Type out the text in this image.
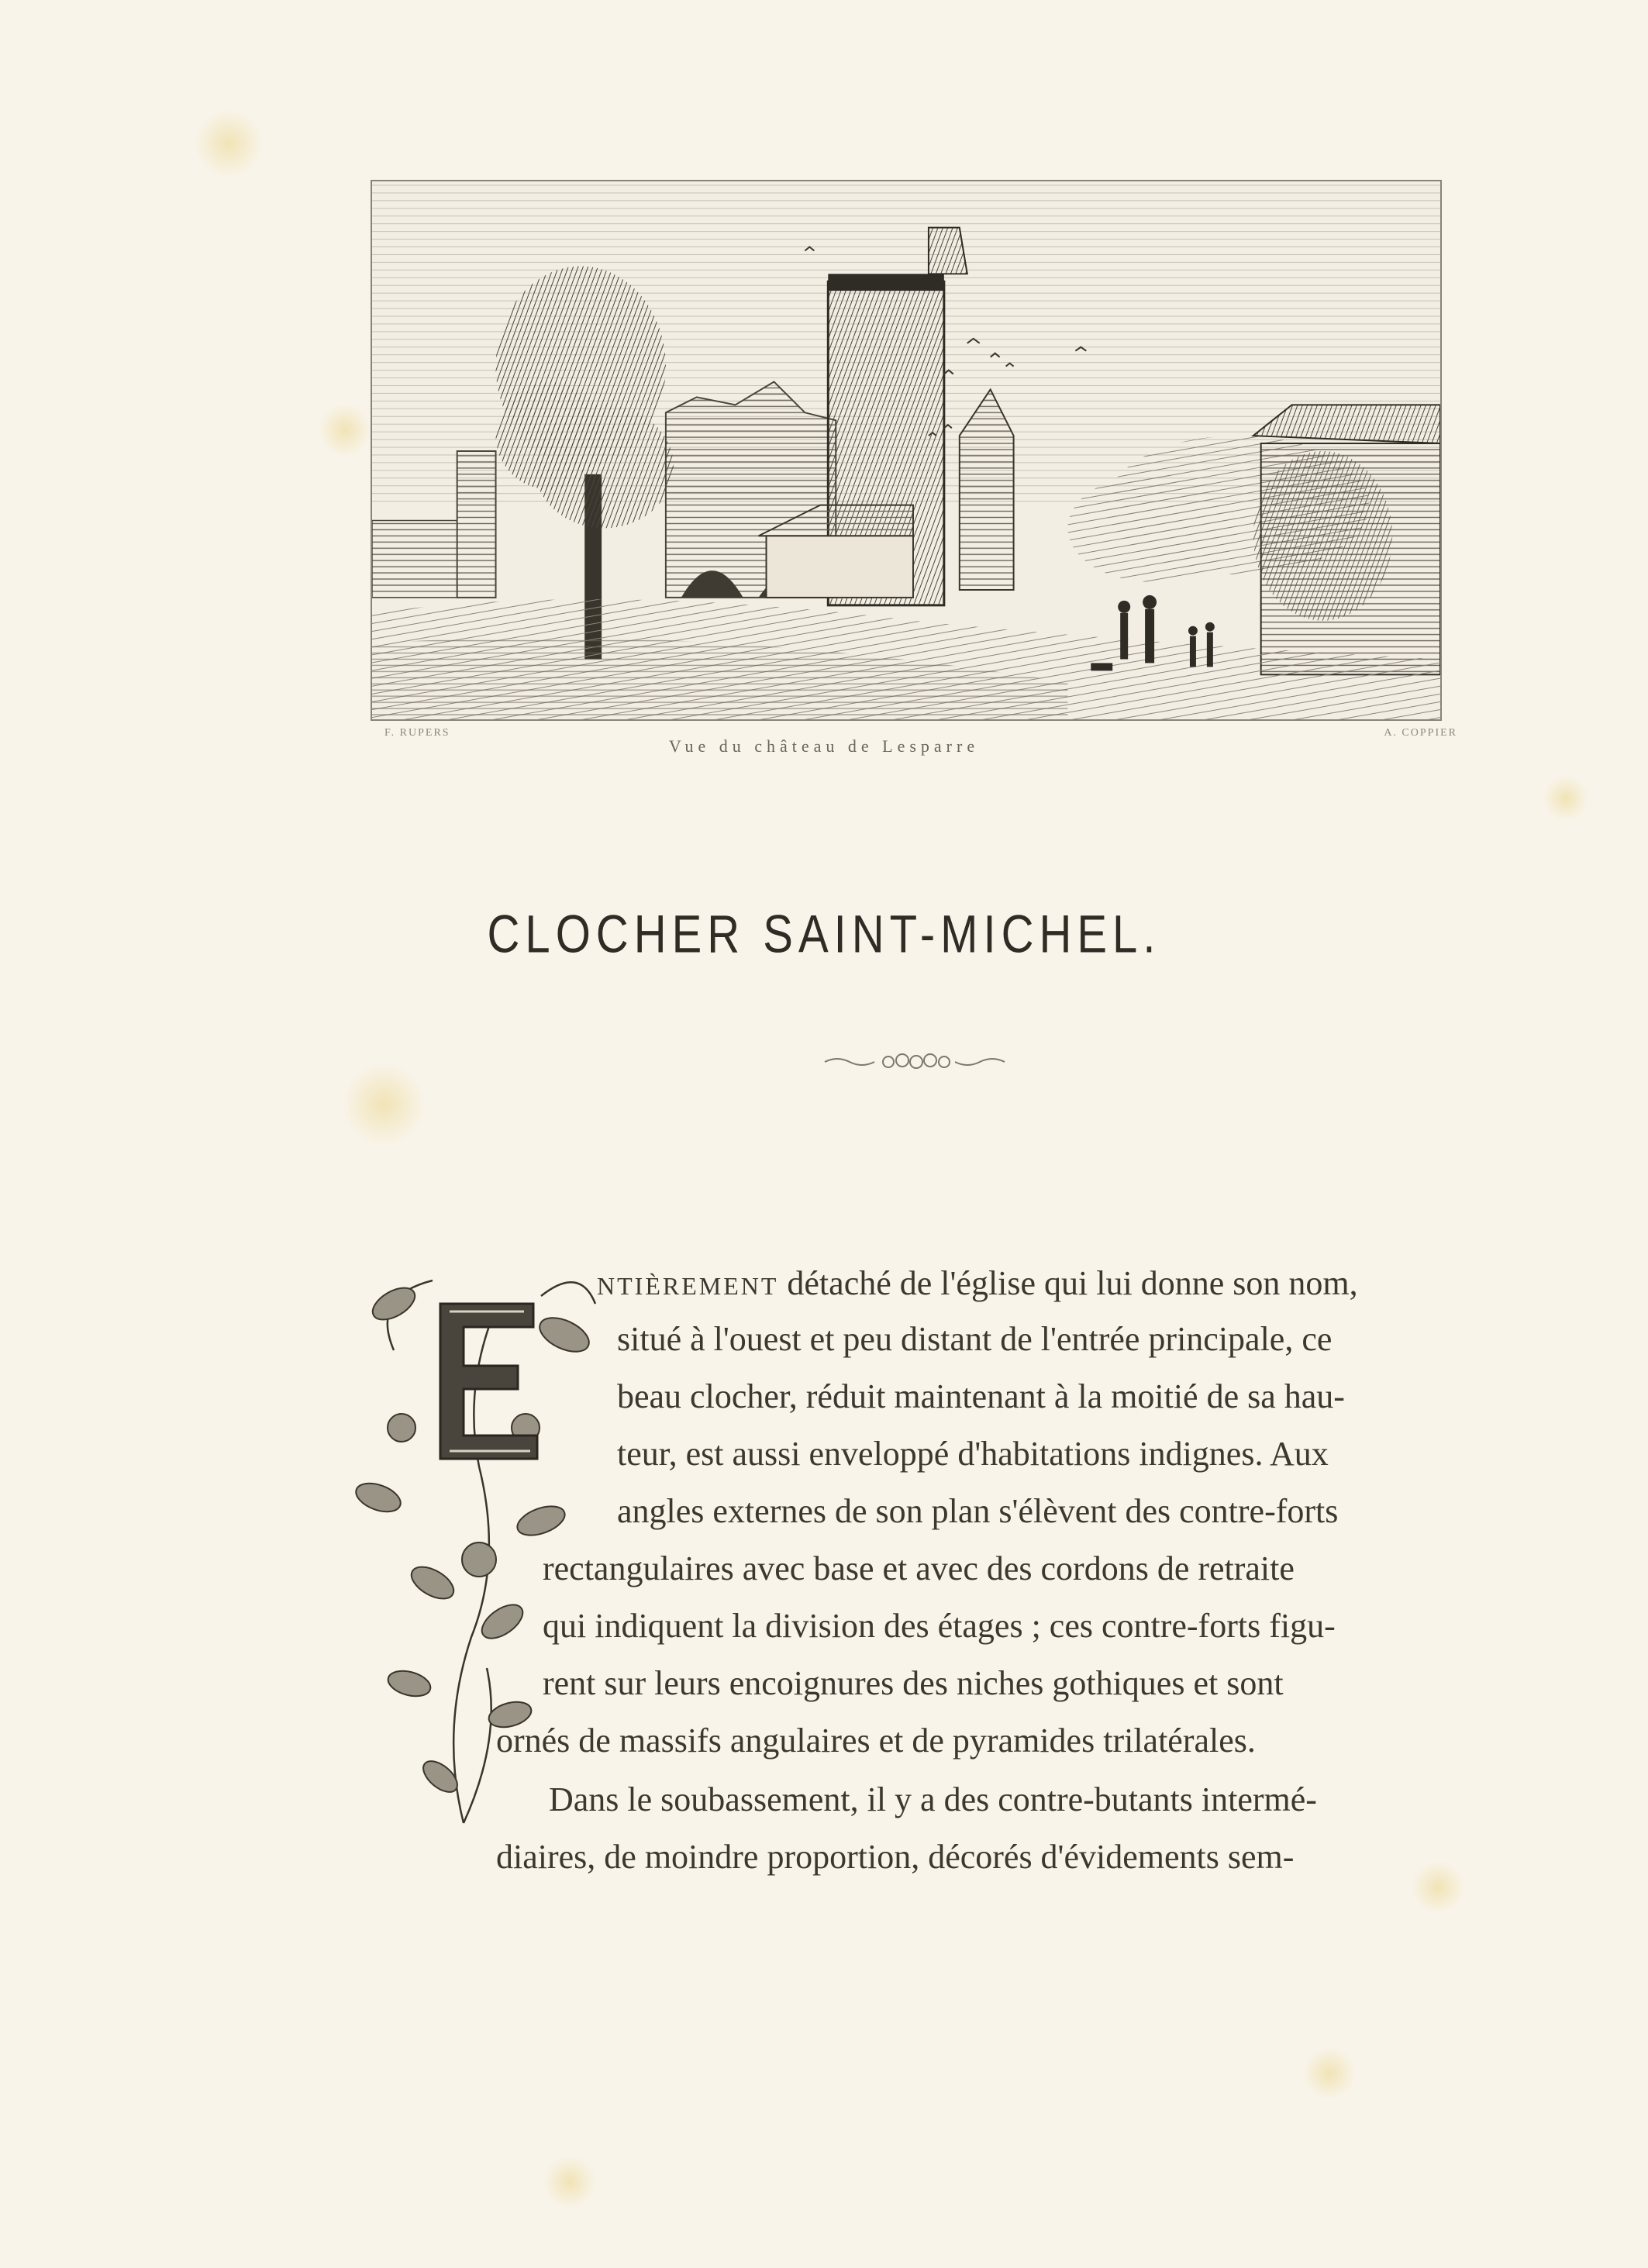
F. RUPERS	A. COPPIER
Vue du château de Lesparre
CLOCHER SAINT-MICHEL.
NTIÈREMENT détaché de l'église qui lui donne son nom,
situé à l'ouest et peu distant de l'entrée principale, ce
beau clocher, réduit maintenant à la moitié de sa hau-
teur, est aussi enveloppé d'habitations indignes. Aux
angles externes de son plan s'élèvent des contre-forts
rectangulaires avec base et avec des cordons de retraite
qui indiquent la division des étages ; ces contre-forts figu-
rent sur leurs encoignures des niches gothiques et sont
ornés de massifs angulaires et de pyramides trilatérales.
Dans le soubassement, il y a des contre-butants intermé-
diaires, de moindre proportion, décorés d'évidements sem-
